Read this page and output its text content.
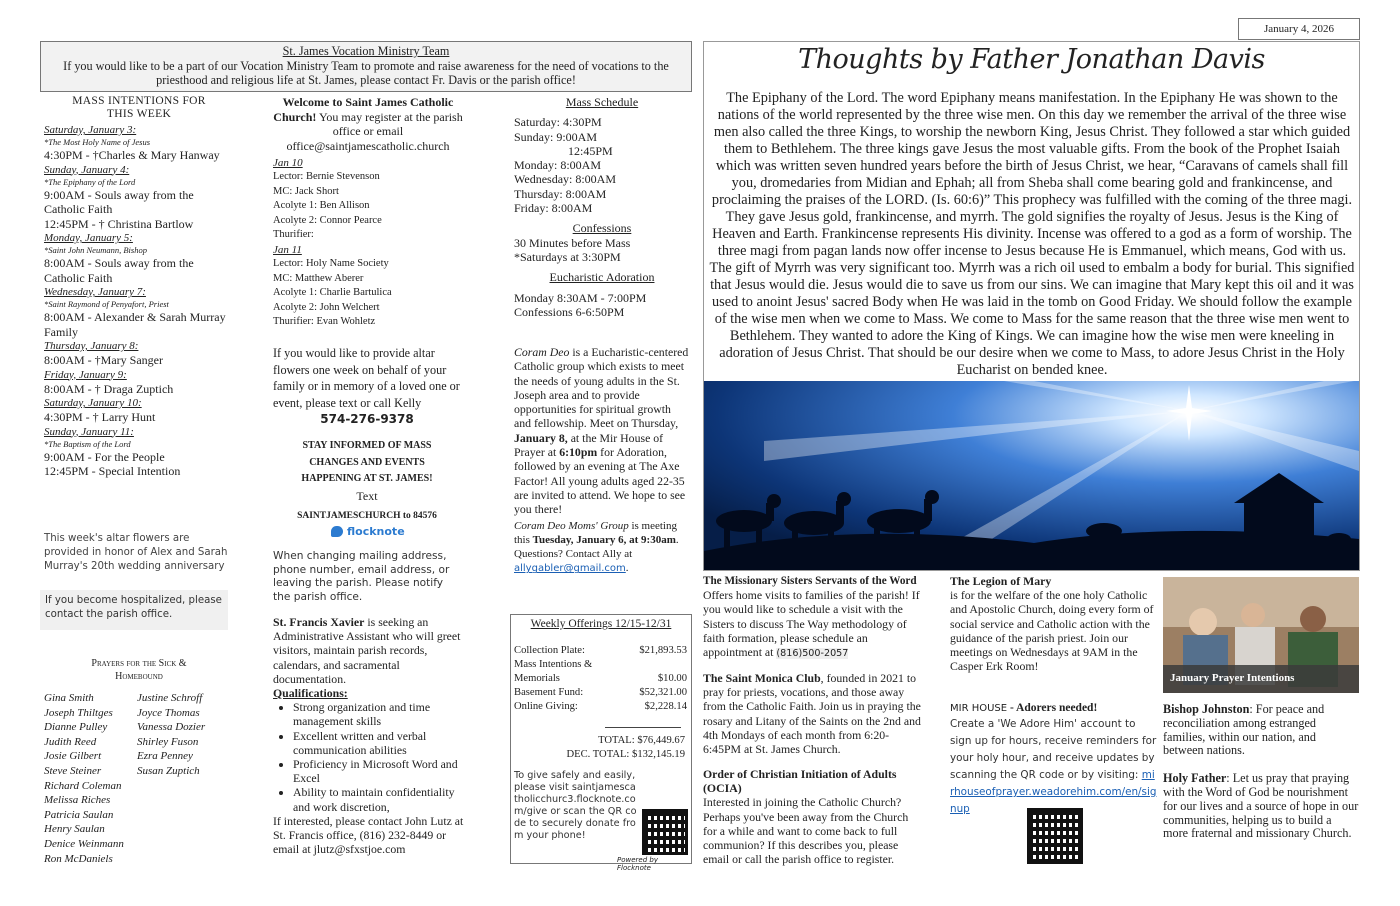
January 4, 2026
St. James Vocation Ministry Team
If you would like to be a part of our Vocation Ministry Team to promote and raise awareness for the need of vocations to the priesthood and religious life at St. James, please contact Fr. Davis or the parish office!
MASS INTENTIONS FOR THIS WEEK
Saturday, January 3:
*The Most Holy Name of Jesus
4:30PM - †Charles & Mary Hanway
Sunday, January 4:
*The Epiphany of the Lord
9:00AM - Souls away from the Catholic Faith
12:45PM - † Christina Bartlow
Monday, January 5:
*Saint John Neumann, Bishop
8:00AM - Souls away from the Catholic Faith
Wednesday, January 7:
*Saint Raymond of Penyafort, Priest
8:00AM - Alexander & Sarah Murray Family
Thursday, January 8:
8:00AM - †Mary Sanger
Friday, January 9:
8:00AM - † Draga Zuptich
Saturday, January 10:
4:30PM - † Larry Hunt
Sunday, January 11:
*The Baptism of the Lord
9:00AM - For the People
12:45PM - Special Intention
This week's altar flowers are provided in honor of Alex and Sarah Murray's 20th wedding anniversary
If you become hospitalized, please contact the parish office.
Prayers for the Sick & Homebound
Gina Smith
Joseph Thiltges
Dianne Pulley
Judith Reed
Josie Gilbert
Steve Steiner
Richard Coleman
Melissa Riches
Patricia Saulan
Henry Saulan
Denice Weinmann
Ron McDaniels
Justine Schroff
Joyce Thomas
Vanessa Dozier
Shirley Fuson
Ezra Penney
Susan Zuptich
Welcome to Saint James Catholic Church! You may register at the parish office or email office@saintjamescatholic.church
Jan 10
Lector: Bernie Stevenson
MC: Jack Short
Acolyte 1: Ben Allison
Acolyte 2: Connor Pearce
Thurifier:
Jan 11
Lector: Holy Name Society
MC: Matthew Aberer
Acolyte 1: Charlie Bartulica
Acolyte 2: John Welchert
Thurifier: Evan Wohletz
If you would like to provide altar flowers one week on behalf of your family or in memory of a loved one or event, please text or call Kelly
574-276-9378
STAY INFORMED OF MASS
CHANGES AND EVENTS
HAPPENING AT ST. JAMES!
Text
SAINTJAMESCHURCH to 84576
flocknote
When changing mailing address, phone number, email address, or leaving the parish. Please notify the parish office.
St. Francis Xavier is seeking an Administrative Assistant who will greet visitors, maintain parish records, calendars, and sacramental documentation.
Qualifications:
• Strong organization and time management skills
• Excellent written and verbal communication abilities
• Proficiency in Microsoft Word and Excel
• Ability to maintain confidentiality and work discretion,
If interested, please contact John Lutz at St. Francis office, (816) 232-8449 or email at jlutz@sfxstjoe.com
Mass Schedule
Saturday: 4:30PM
Sunday: 9:00AM
12:45PM
Monday: 8:00AM
Wednesday: 8:00AM
Thursday: 8:00AM
Friday: 8:00AM
Confessions
30 Minutes before Mass
*Saturdays at 3:30PM
Eucharistic Adoration
Monday 8:30AM - 7:00PM
Confessions 6-6:50PM
Coram Deo is a Eucharistic-centered Catholic group which exists to meet the needs of young adults in the St. Joseph area and to provide opportunities for spiritual growth and fellowship. Meet on Thursday, January 8, at the Mir House of Prayer at 6:10pm for Adoration, followed by an evening at The Axe Factor! All young adults aged 22-35 are invited to attend. We hope to see you there!
Coram Deo Moms' Group is meeting this Tuesday, January 6, at 9:30am. Questions? Contact Ally at allygabler@gmail.com.
Weekly Offerings 12/15-12/31
Collection Plate:	$21,893.53
Mass Intentions & Memorials	$10.00
Basement Fund:	$52,321.00
Online Giving:	$2,228.14
TOTAL: $76,449.67
DEC. TOTAL: $132,145.19
To give safely and easily, please visit saintjamescatholicchurc3.flocknote.com/give or scan the QR code to securely donate from your phone!
Powered by Flocknote
Thoughts by Father Jonathan Davis
The Epiphany of the Lord. The word Epiphany means manifestation. In the Epiphany He was shown to the nations of the world represented by the three wise men. On this day we remember the arrival of the three wise men also called the three Kings, to worship the newborn King, Jesus Christ. They followed a star which guided them to Bethlehem. The three kings gave Jesus the most valuable gifts. From the book of the Prophet Isaiah which was written seven hundred years before the birth of Jesus Christ, we hear, “Caravans of camels shall fill you, dromedaries from Midian and Ephah; all from Sheba shall come bearing gold and frankincense, and proclaiming the praises of the LORD. (Is. 60:6)” This prophecy was fulfilled with the coming of the three magi. They gave Jesus gold, frankincense, and myrrh. The gold signifies the royalty of Jesus. Jesus is the King of Heaven and Earth. Frankincense represents His divinity. Incense was offered to a god as a form of worship. The three magi from pagan lands now offer incense to Jesus because He is Emmanuel, which means, God with us. The gift of Myrrh was very significant too. Myrrh was a rich oil used to embalm a body for burial. This signified that Jesus would die. Jesus would die to save us from our sins. We can imagine that Mary kept this oil and it was used to anoint Jesus' sacred Body when He was laid in the tomb on Good Friday. We should follow the example of the wise men when we come to Mass. We come to Mass for the same reason that the three wise men went to Bethlehem. They wanted to adore the King of Kings. We can imagine how the wise men were kneeling in adoration of Jesus Christ. That should be our desire when we come to Mass, to adore Jesus Christ in the Holy Eucharist on bended knee.
The Missionary Sisters Servants of the Word
Offers home visits to families of the parish! If you would like to schedule a visit with the Sisters to discuss The Way methodology of faith formation, please schedule an appointment at (816)500-2057
The Saint Monica Club, founded in 2021 to pray for priests, vocations, and those away from the Catholic Faith. Join us in praying the rosary and Litany of the Saints on the 2nd and 4th Mondays of each month from 6:20-6:45PM at St. James Church.
Order of Christian Initiation of Adults (OCIA)
Interested in joining the Catholic Church? Perhaps you've been away from the Church for a while and want to come back to full communion? If this describes you, please email or call the parish office to register.
The Legion of Mary
is for the welfare of the one holy Catholic and Apostolic Church, doing every form of social service and Catholic action with the guidance of the parish priest. Join our meetings on Wednesdays at 9AM in the Casper Erk Room!
MIR HOUSE - Adorers needed!
Create a 'We Adore Him' account to sign up for hours, receive reminders for your holy hour, and receive updates by scanning the QR code or by visiting: mirhouseofprayer.weadorehim.com/en/signup
January Prayer Intentions
Bishop Johnston: For peace and reconciliation among estranged families, within our nation, and between nations.
Holy Father: Let us pray that praying with the Word of God be nourishment for our lives and a source of hope in our communities, helping us to build a more fraternal and missionary Church.
